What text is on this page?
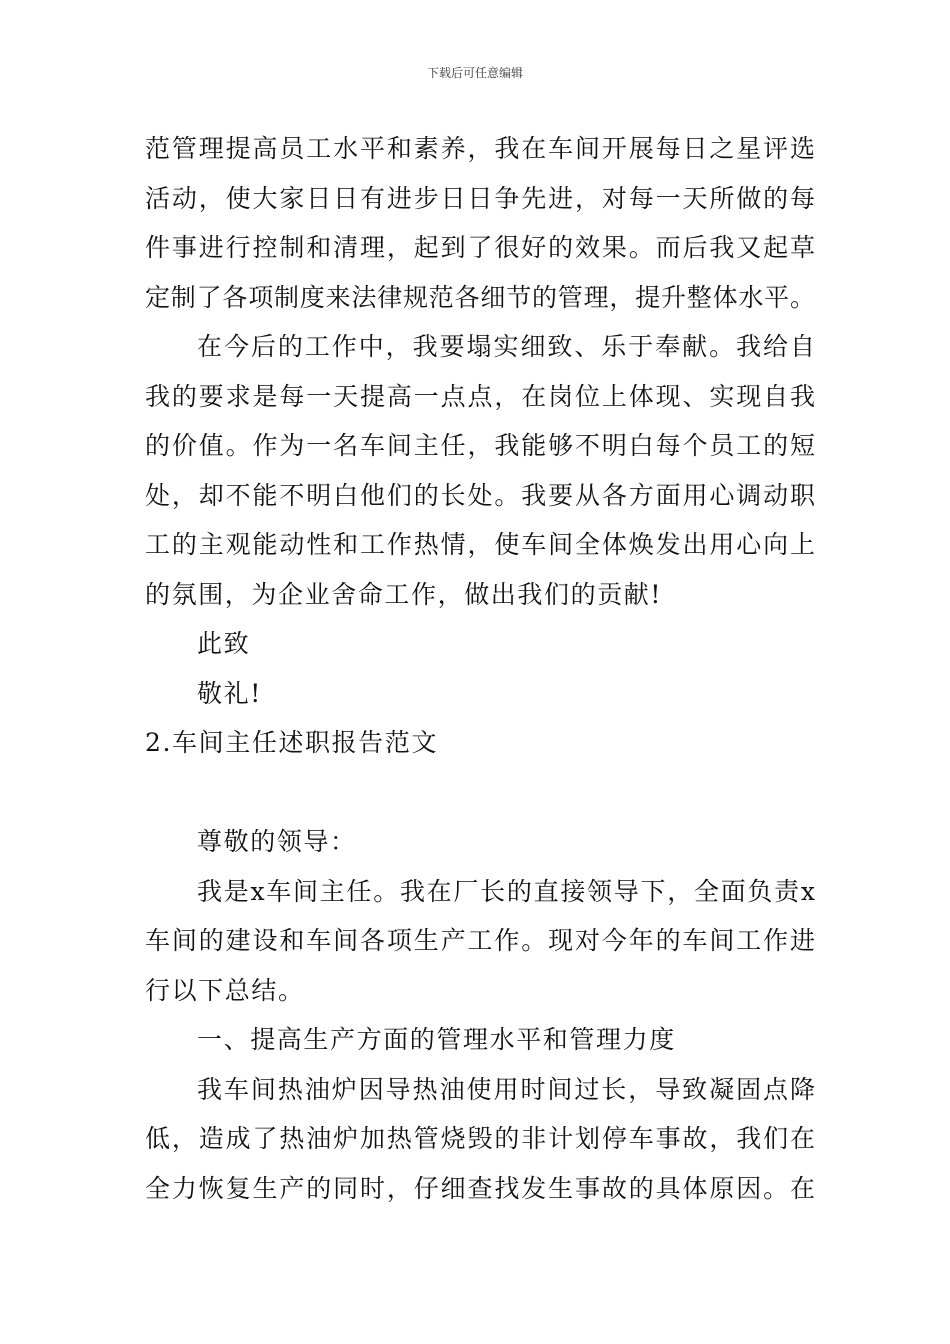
下载后可任意编辑
范管理提高员工水平和素养，我在车间开展每日之星评选
活动，使大家日日有进步日日争先进，对每一天所做的每
件事进行控制和清理，起到了很好的效果。而后我又起草
定制了各项制度来法律规范各细节的管理，提升整体水平。
在今后的工作中，我要塌实细致、乐于奉献。我给自
我的要求是每一天提高一点点，在岗位上体现、实现自我
的价值。作为一名车间主任，我能够不明白每个员工的短
处，却不能不明白他们的长处。我要从各方面用心调动职
工的主观能动性和工作热情，使车间全体焕发出用心向上
的氛围，为企业舍命工作，做出我们的贡献!
此致
敬礼!
2.车间主任述职报告范文
尊敬的领导：
我是x车间主任。我在厂长的直接领导下，全面负责x
车间的建设和车间各项生产工作。现对今年的车间工作进
行以下总结。
一、提高生产方面的管理水平和管理力度
我车间热油炉因导热油使用时间过长，导致凝固点降
低，造成了热油炉加热管烧毁的非计划停车事故，我们在
全力恢复生产的同时，仔细查找发生事故的具体原因。在
